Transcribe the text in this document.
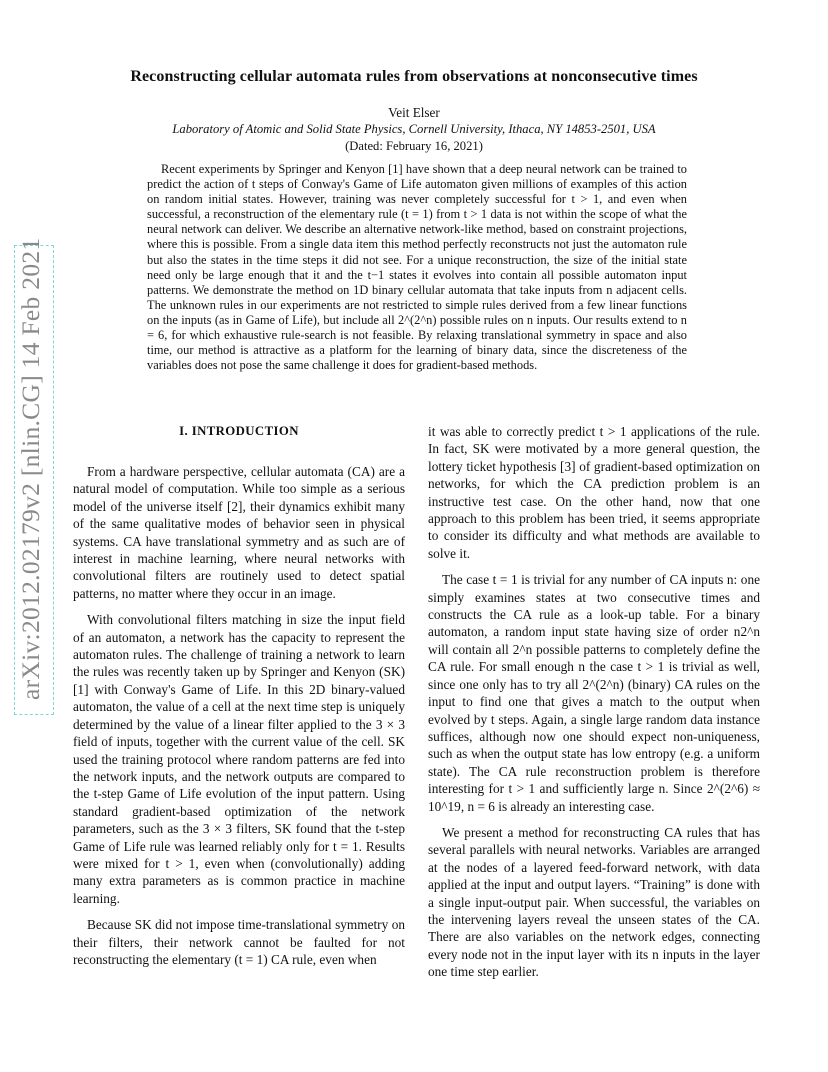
Reconstructing cellular automata rules from observations at nonconsecutive times
Veit Elser
Laboratory of Atomic and Solid State Physics, Cornell University, Ithaca, NY 14853-2501, USA
(Dated: February 16, 2021)

Recent experiments by Springer and Kenyon [1] have shown that a deep neural network can be trained to predict the action of t steps of Conway's Game of Life automaton given millions of examples of this action on random initial states. However, training was never completely successful for t > 1, and even when successful, a reconstruction of the elementary rule (t = 1) from t > 1 data is not within the scope of what the neural network can deliver. We describe an alternative network-like method, based on constraint projections, where this is possible. From a single data item this method perfectly reconstructs not just the automaton rule but also the states in the time steps it did not see. For a unique reconstruction, the size of the initial state need only be large enough that it and the t−1 states it evolves into contain all possible automaton input patterns. We demonstrate the method on 1D binary cellular automata that take inputs from n adjacent cells. The unknown rules in our experiments are not restricted to simple rules derived from a few linear functions on the inputs (as in Game of Life), but include all 2^(2^n) possible rules on n inputs. Our results extend to n = 6, for which exhaustive rule-search is not feasible. By relaxing translational symmetry in space and also time, our method is attractive as a platform for the learning of binary data, since the discreteness of the variables does not pose the same challenge it does for gradient-based methods.

arXiv:2012.02179v2 [nlin.CG] 14 Feb 2021	I. INTRODUCTION

From a hardware perspective, cellular automata (CA) are a natural model of computation. While too simple as a serious model of the universe itself [2], their dynamics exhibit many of the same qualitative modes of behavior seen in physical systems. CA have translational symmetry and as such are of interest in machine learning, where neural networks with convolutional filters are routinely used to detect spatial patterns, no matter where they occur in an image.

With convolutional filters matching in size the input field of an automaton, a network has the capacity to represent the automaton rules. The challenge of training a network to learn the rules was recently taken up by Springer and Kenyon (SK) [1] with Conway's Game of Life. In this 2D binary-valued automaton, the value of a cell at the next time step is uniquely determined by the value of a linear filter applied to the 3 × 3 field of inputs, together with the current value of the cell. SK used the training protocol where random patterns are fed into the network inputs, and the network outputs are compared to the t-step Game of Life evolution of the input pattern. Using standard gradient-based optimization of the network parameters, such as the 3 × 3 filters, SK found that the t-step Game of Life rule was learned reliably only for t = 1. Results were mixed for t > 1, even when (convolutionally) adding many extra parameters as is common practice in machine learning.

Because SK did not impose time-translational symmetry on their filters, their network cannot be faulted for not reconstructing the elementary (t = 1) CA rule, even when

it was able to correctly predict t > 1 applications of the rule. In fact, SK were motivated by a more general question, the lottery ticket hypothesis [3] of gradient-based optimization on networks, for which the CA prediction problem is an instructive test case. On the other hand, now that one approach to this problem has been tried, it seems appropriate to consider its difficulty and what methods are available to solve it.

The case t = 1 is trivial for any number of CA inputs n: one simply examines states at two consecutive times and constructs the CA rule as a look-up table. For a binary automaton, a random input state having size of order n2^n will contain all 2^n possible patterns to completely define the CA rule. For small enough n the case t > 1 is trivial as well, since one only has to try all 2^(2^n) (binary) CA rules on the input to find one that gives a match to the output when evolved by t steps. Again, a single large random data instance suffices, although now one should expect non-uniqueness, such as when the output state has low entropy (e.g. a uniform state). The CA rule reconstruction problem is therefore interesting for t > 1 and sufficiently large n. Since 2^(2^6) ≈ 10^19, n = 6 is already an interesting case.

We present a method for reconstructing CA rules that has several parallels with neural networks. Variables are arranged at the nodes of a layered feed-forward network, with data applied at the input and output layers. “Training” is done with a single input-output pair. When successful, the variables on the intervening layers reveal the unseen states of the CA. There are also variables on the network edges, connecting every node not in the input layer with its n inputs in the layer one time step earlier.
